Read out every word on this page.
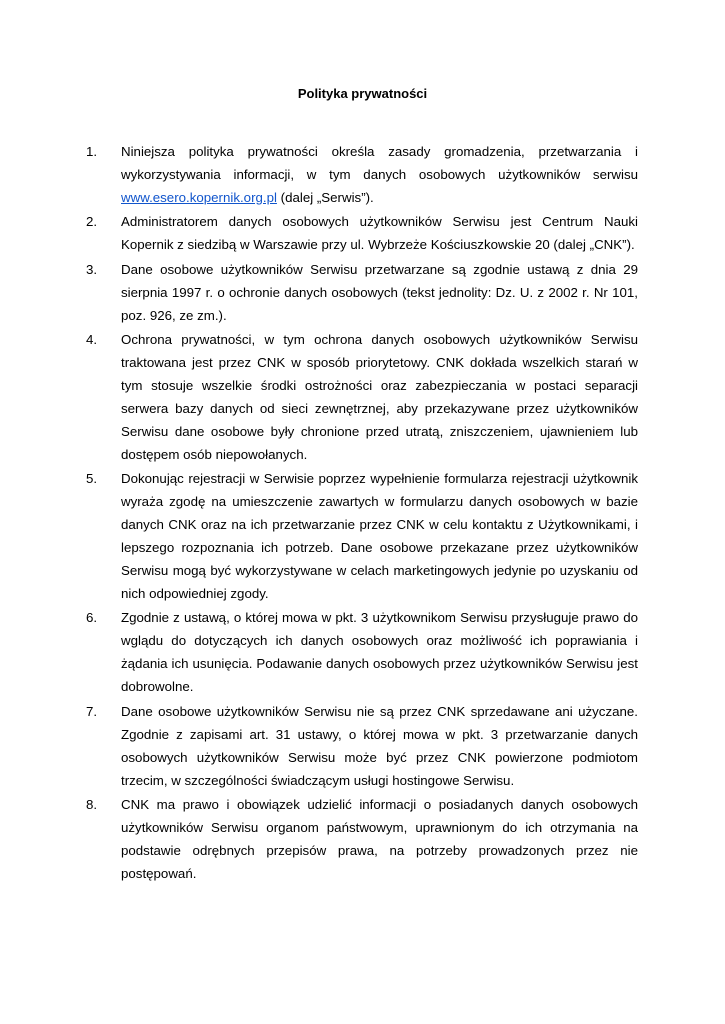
Polityka prywatności
1. Niniejsza polityka prywatności określa zasady gromadzenia, przetwarzania i wykorzystywania informacji, w tym danych osobowych użytkowników serwisu www.esero.kopernik.org.pl (dalej „Serwis”).
2. Administratorem danych osobowych użytkowników Serwisu jest Centrum Nauki Kopernik z siedzibą w Warszawie przy ul. Wybrzeże Kościuszkowskie 20 (dalej „CNK”).
3. Dane osobowe użytkowników Serwisu przetwarzane są zgodnie ustawą z dnia 29 sierpnia 1997 r. o ochronie danych osobowych (tekst jednolity: Dz. U. z 2002 r. Nr 101, poz. 926, ze zm.).
4. Ochrona prywatności, w tym ochrona danych osobowych użytkowników Serwisu traktowana jest przez CNK w sposób priorytetowy. CNK dokłada wszelkich starań w tym stosuje wszelkie środki ostrożności oraz zabezpieczania w postaci separacji serwera bazy danych od sieci zewnętrznej, aby przekazywane przez użytkowników Serwisu dane osobowe były chronione przed utratą, zniszczeniem, ujawnieniem lub dostępem osób niepowołanych.
5. Dokonując rejestracji w Serwisie poprzez wypełnienie formularza rejestracji użytkownik wyraża zgodę na umieszczenie zawartych w formularzu danych osobowych w bazie danych CNK oraz na ich przetwarzanie przez CNK w celu kontaktu z Użytkownikami, i lepszego rozpoznania ich potrzeb. Dane osobowe przekazane przez użytkowników Serwisu mogą być wykorzystywane w celach marketingowych jedynie po uzyskaniu od nich odpowiedniej zgody.
6. Zgodnie z ustawą, o której mowa w pkt. 3 użytkownikom Serwisu przysługuje prawo do wglądu do dotyczących ich danych osobowych oraz możliwość ich poprawiania i żądania ich usunięcia. Podawanie danych osobowych przez użytkowników Serwisu jest dobrowolne.
7. Dane osobowe użytkowników Serwisu nie są przez CNK sprzedawane ani użyczane. Zgodnie z zapisami art. 31 ustawy, o której mowa w pkt. 3 przetwarzanie danych osobowych użytkowników Serwisu może być przez CNK powierzone podmiotom trzecim, w szczególności świadczącym usługi hostingowe Serwisu.
8. CNK ma prawo i obowiązek udzielić informacji o posiadanych danych osobowych użytkowników Serwisu organom państwowym, uprawnionym do ich otrzymania na podstawie odrębnych przepisów prawa, na potrzeby prowadzonych przez nie postępowań.
